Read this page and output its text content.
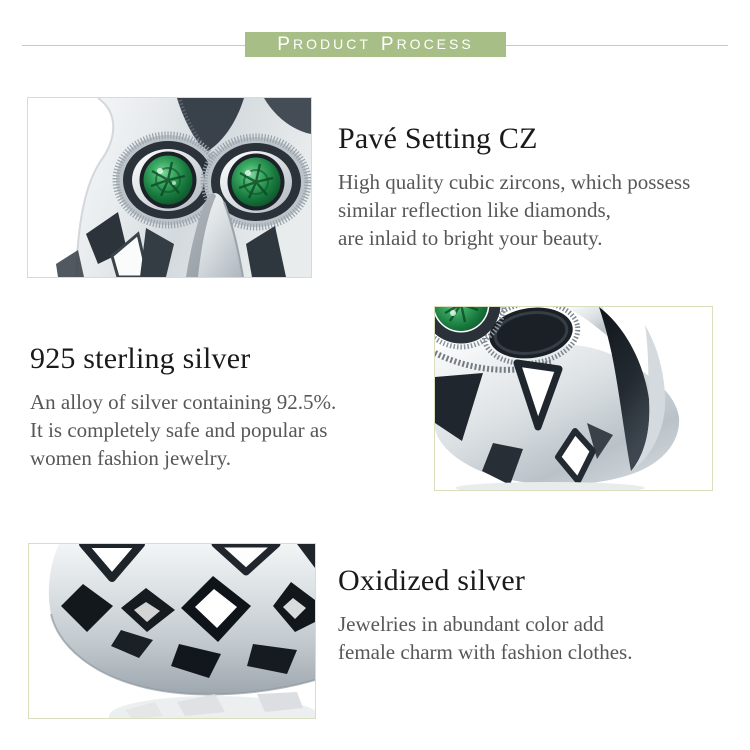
P RODUCT P ROCESS
Pavé Setting CZ

High quality cubic zircons, which possess

similar reflection like diamonds,

are inlaid to bright your beauty.

925 sterling silver

An alloy of silver containing 92.5%.

It is completely safe and popular as

women fashion jewelry.

Oxidized silver

Jewelries in abundant color add

female charm with fashion clothes.
